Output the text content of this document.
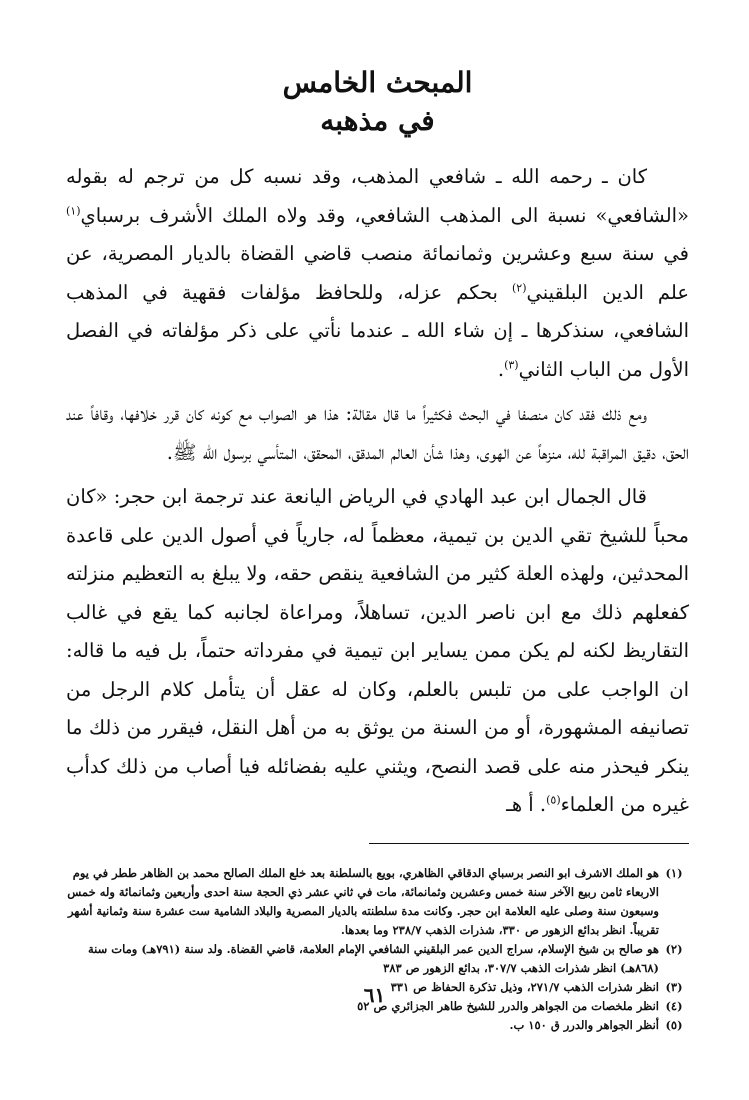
المبحث الخامس
في مذهبه

كان ـ رحمه الله ـ شافعي المذهب، وقد نسبه كل من ترجم له بقوله «الشافعي» نسبة الى المذهب الشافعي، وقد ولاه الملك الأشرف برسباي$^{(١)}$ في سنة سبع وعشرين وثمانمائة منصب قاضي القضاة بالديار المصرية، عن علم الدين البلقيني$^{(٢)}$ بحكم عزله، وللحافظ مؤلفات فقهية في المذهب الشافعي، سنذكرها ـ إن شاء الله ـ عندما نأتي على ذكر مؤلفاته في الفصل الأول من الباب الثاني$^{(٣)}$.

ومع ذلك فقد كان منصفا في البحث فكثيراً ما قال مقالة: هذا هو الصواب مع كونه كان قرر خلافها، وقافاً عند الحق، دقيق المراقبة لله، منزهاً عن الهوى، وهذا شأن العالم المدقق، المحقق، المتأسي برسول الله ﷺ.

قال الجمال ابن عبد الهادي في الرياض اليانعة عند ترجمة ابن حجر: «كان محباً للشيخ تقي الدين بن تيمية، معظماً له، جارياً في أصول الدين على قاعدة المحدثين، ولهذه العلة كثير من الشافعية ينقص حقه، ولا يبلغ به التعظيم منزلته كفعلهم ذلك مع ابن ناصر الدين، تساهلاً، ومراعاة لجانبه كما يقع في غالب التقاريظ لكنه لم يكن ممن يساير ابن تيمية في مفرداته حتماً، بل فيه ما قاله: ان الواجب على من تلبس بالعلم، وكان له عقل أن يتأمل كلام الرجل من تصانيفه المشهورة، أو من السنة من يوثق به من أهل النقل، فيقرر من ذلك ما ينكر فيحذر منه على قصد النصح، ويثني عليه بفضائله فيا أصاب من ذلك كدأب غيره من العلماء$^{(٥)}$. أ هـ

(١)
هو الملك الاشرف ابو النصر برسباي الدقاقي الظاهري، بويع بالسلطنة بعد خلع الملك الصالح محمد بن الظاهر ططر في يوم الاربعاء ثامن ربيع الآخر سنة خمس وعشرين وثمانمائة، مات في ثاني عشر ذي الحجة سنة احدى وأربعين وثمانمائة وله خمس وسبعون سنة وصلى عليه العلامة ابن حجر. وكانت مدة سلطنته بالديار المصرية والبلاد الشامية ست عشرة سنة وثمانية أشهر تقريباً. انظر بدائع الزهور ص ٣٣٠، شذرات الذهب ٢٣٨/٧ وما بعدها.
(٢)
هو صالح بن شيخ الإسلام، سراج الدين عمر البلقيني الشافعي الإمام العلامة، قاضي القضاة. ولد سنة (٧٩١هـ) ومات سنة (٨٦٨هـ) انظر شذرات الذهب ٣٠٧/٧، بدائع الزهور ص ٣٨٣
(٣)
انظر شذرات الذهب ٢٧١/٧، وذيل تذكرة الحفاظ ص ٣٣١
(٤)
انظر ملخصات من الجواهر والدرر للشيخ طاهر الجزائري ص ٥٢
(٥)
أنظر الجواهر والدرر ق ١٥٠ ب.
٦١
